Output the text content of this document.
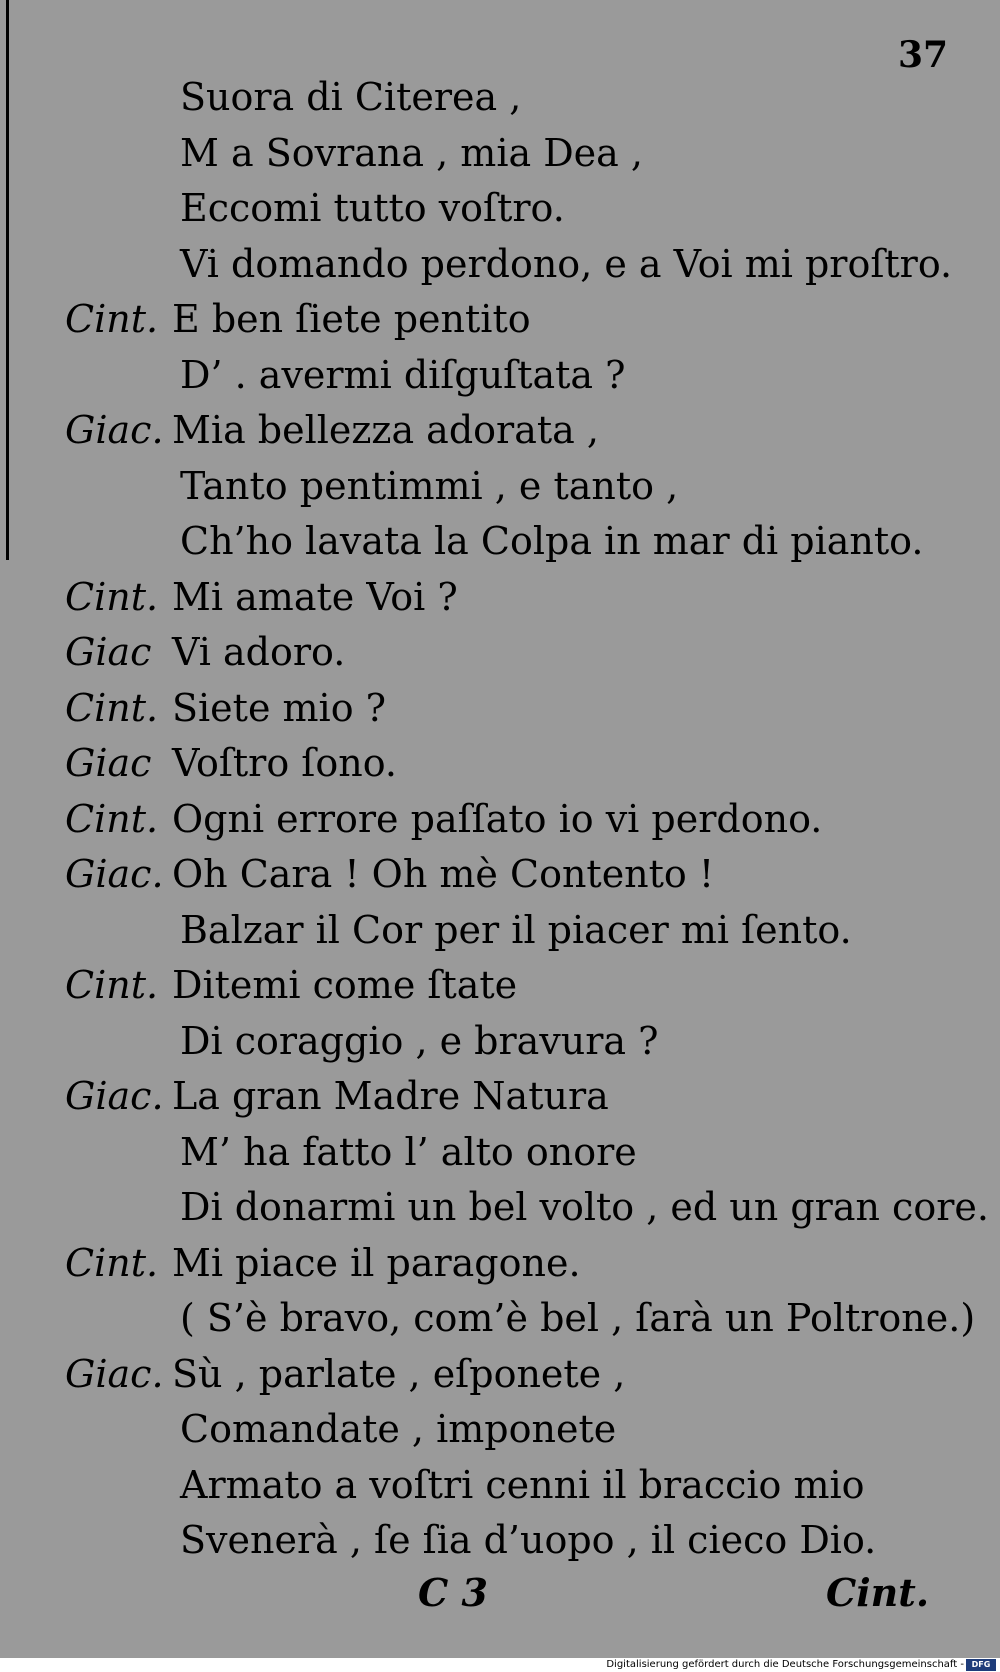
37
Suora di Citerea ,
M a Sovrana , mia Dea ,
Eccomi tutto voſtro.
Vi domando perdono, e a Voi mi proſtro.
Cint. E ben ſiete pentito
D’ . avermi diſguſtata ?
Giac. Mia bellezza adorata ,
Tanto pentimmi , e tanto ,
Ch’ho lavata la Colpa in mar di pianto.
Cint. Mi amate Voi ?
Giac Vi adoro.
Cint. Siete mio ?
Giac Voſtro ſono.
Cint. Ogni errore paſſato io vi perdono.
Giac. Oh Cara ! Oh mè Contento !
Balzar il Cor per il piacer mi ſento.
Cint. Ditemi come ſtate
Di coraggio , e bravura ?
Giac. La gran Madre Natura
M’ ha fatto l’ alto onore
Di donarmi un bel volto , ed un gran core.
Cint. Mi piace il paragone.
( S’è bravo, com’è bel , ſarà un Poltrone.)
Giac. Sù , parlate , eſponete ,
Comandate , imponete
Armato a voſtri cenni il braccio mio
Svenerà , ſe ſia d’uopo , il cieco Dio.
C 3	Cint.
Digitalisierung gefördert durch die Deutsche Forschungsgemeinschaft - DFG
